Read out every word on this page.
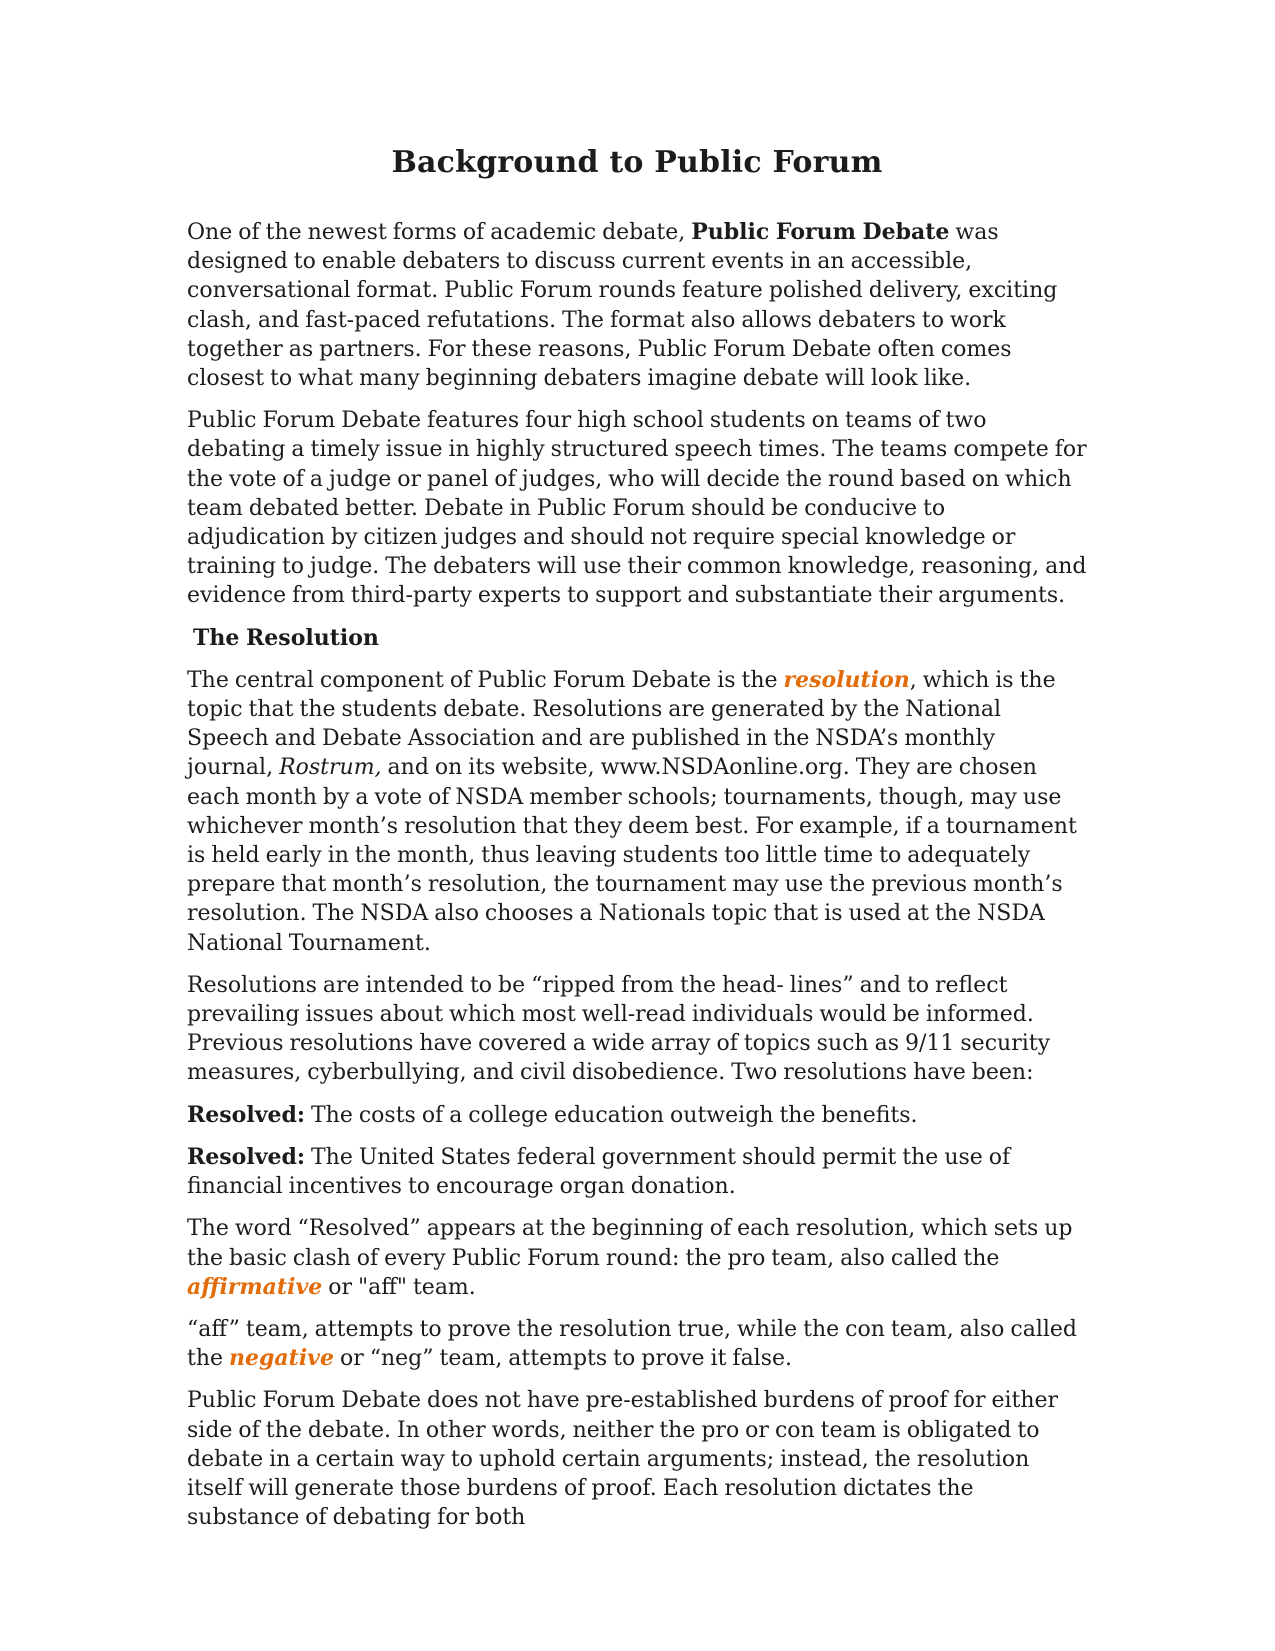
Background to Public Forum

One of the newest forms of academic debate, Public Forum Debate was designed to enable debaters to discuss current events in an accessible, conversational format. Public Forum rounds feature polished delivery, exciting clash, and fast-paced refutations. The format also allows debaters to work together as partners. For these reasons, Public Forum Debate often comes closest to what many beginning debaters imagine debate will look like.

Public Forum Debate features four high school students on teams of two debating a timely issue in highly structured speech times. The teams compete for the vote of a judge or panel of judges, who will decide the round based on which team debated better. Debate in Public Forum should be conducive to adjudication by citizen judges and should not require special knowledge or training to judge. The debaters will use their common knowledge, reasoning, and evidence from third-party experts to support and substantiate their arguments.

The Resolution

The central component of Public Forum Debate is the resolution, which is the topic that the students debate. Resolutions are generated by the National Speech and Debate Association and are published in the NSDA’s monthly journal, Rostrum, and on its website, www.NSDAonline.org. They are chosen each month by a vote of NSDA member schools; tournaments, though, may use whichever month’s resolution that they deem best. For example, if a tournament is held early in the month, thus leaving students too little time to adequately prepare that month’s resolution, the tournament may use the previous month’s resolution. The NSDA also chooses a Nationals topic that is used at the NSDA National Tournament.

Resolutions are intended to be “ripped from the head- lines” and to reflect prevailing issues about which most well-read individuals would be informed. Previous resolutions have covered a wide array of topics such as 9/11 security measures, cyberbullying, and civil disobedience. Two resolutions have been:

Resolved: The costs of a college education outweigh the benefits.

Resolved: The United States federal government should permit the use of financial incentives to encourage organ donation.

The word “Resolved” appears at the beginning of each resolution, which sets up the basic clash of every Public Forum round: the pro team, also called the affirmative or "aff" team.

“aff” team, attempts to prove the resolution true, while the con team, also called the negative or “neg” team, attempts to prove it false.

Public Forum Debate does not have pre-established burdens of proof for either side of the debate. In other words, neither the pro or con team is obligated to debate in a certain way to uphold certain arguments; instead, the resolution itself will generate those burdens of proof. Each resolution dictates the substance of debating for both
